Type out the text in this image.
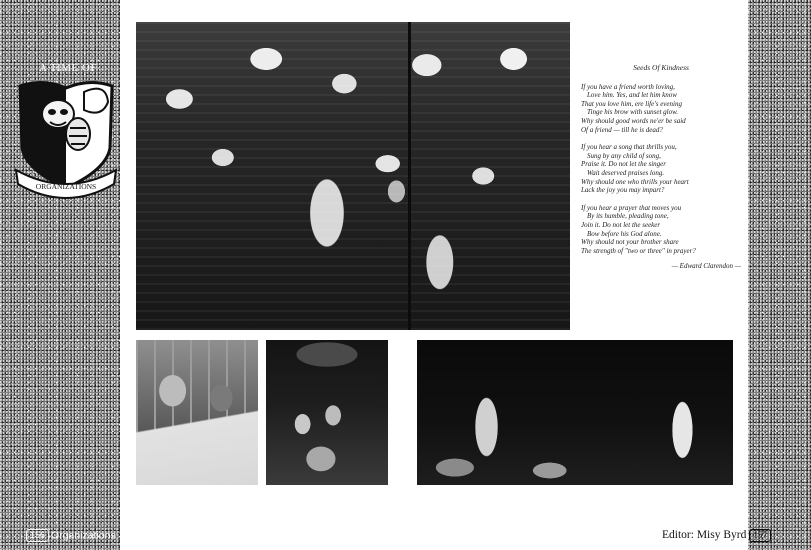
A TIME OF
ORGANIZATIONS
Seeds Of Kindness
If you have a friend worth loving,
Love him. Yes, and let him know
That you love him, ere life's evening
Tinge his brow with sunset glow.
Why should good words ne'er be said
Of a friend — till he is dead?
If you hear a song that thrills you,
Sung by any child of song,
Praise it. Do not let the singer
Wait deserved praises long.
Why should one who thrills your heart
Lack the joy you may impart?
If you hear a prayer that moves you
By its humble, pleading tone,
Join it. Do not let the seeker
Bow before his God alone.
Why should not your brother share
The strength of "two or three" in prayer?
— Edward Clarendon —
156 Organizations	Editor: Misy Byrd 157
